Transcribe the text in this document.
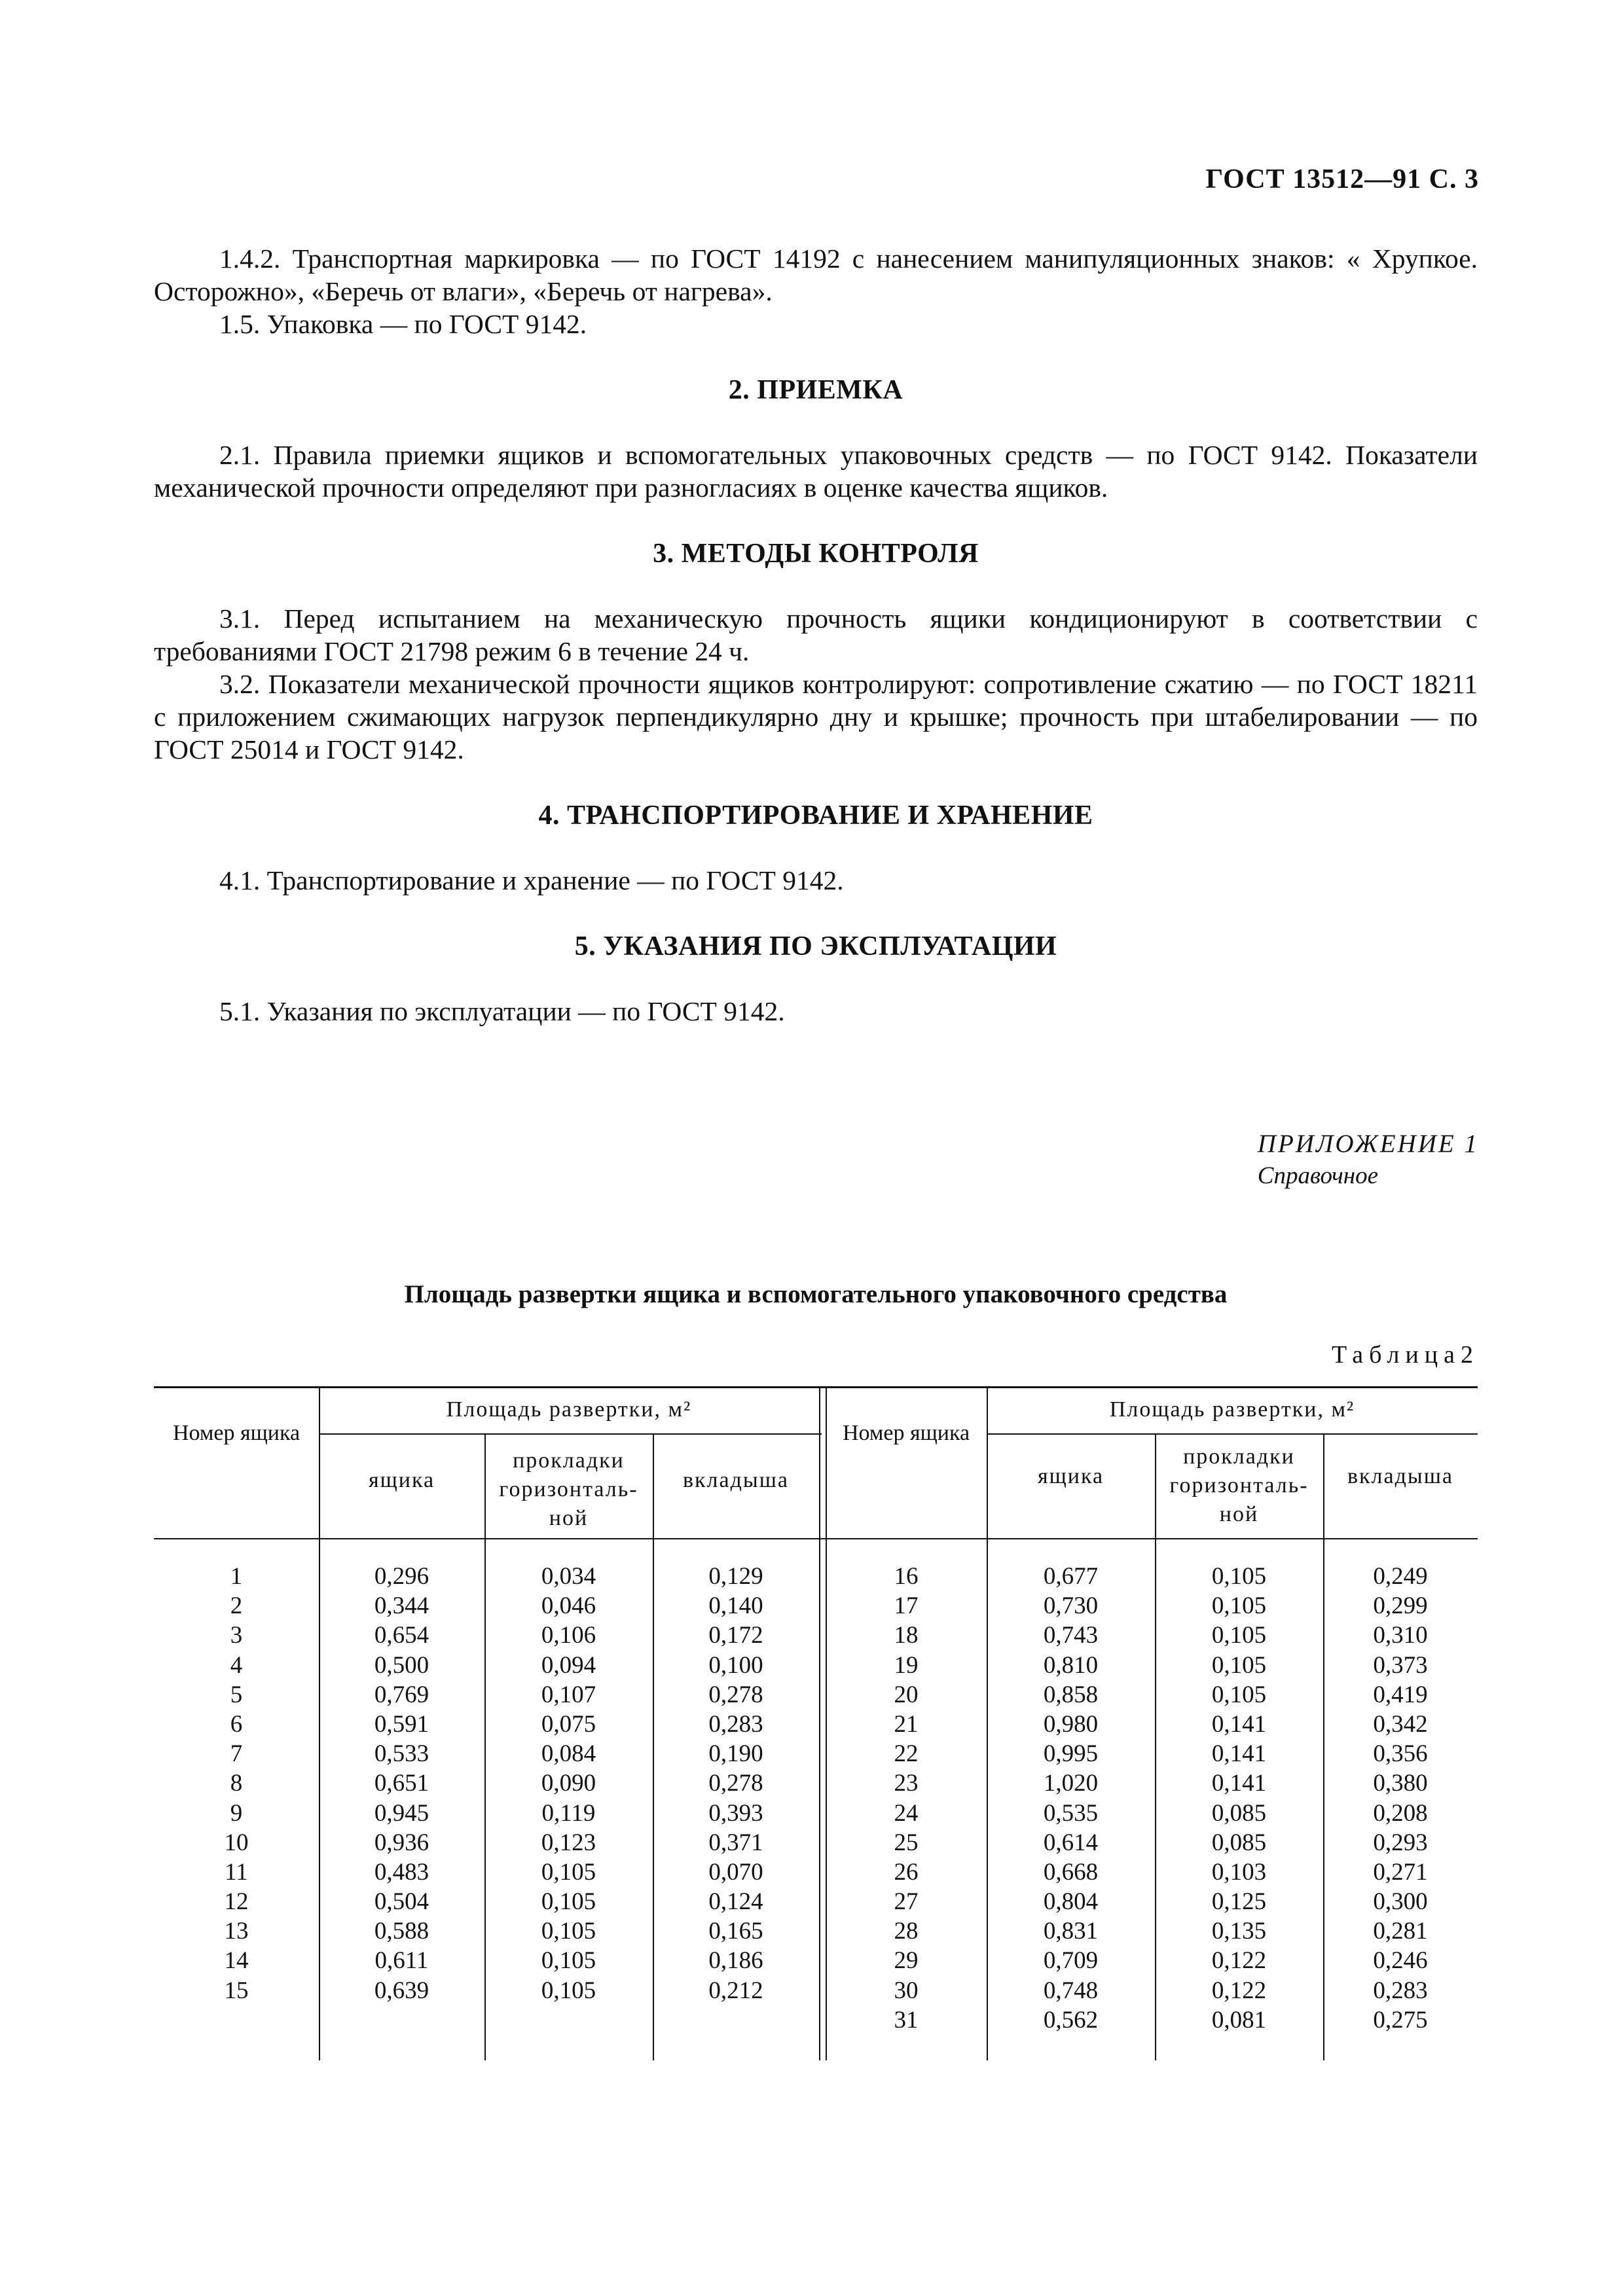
ГОСТ 13512—91 С. 3

1.4.2. Транспортная маркировка — по ГОСТ 14192 с нанесением манипуляционных знаков: « Хрупкое. Осторожно», «Беречь от влаги», «Беречь от нагрева».

1.5. Упаковка — по ГОСТ 9142.

2. ПРИЕМКА

2.1. Правила приемки ящиков и вспомогательных упаковочных средств — по ГОСТ 9142. Показатели механической прочности определяют при разногласиях в оценке качества ящиков.

3. МЕТОДЫ КОНТРОЛЯ

3.1. Перед испытанием на механическую прочность ящики кондиционируют в соответствии с требованиями ГОСТ 21798 режим 6 в течение 24 ч.

3.2. Показатели механической прочности ящиков контролируют: сопротивление сжатию — по ГОСТ 18211 с приложением сжимающих нагрузок перпендикулярно дну и крышке; прочность при штабелировании — по ГОСТ 25014 и ГОСТ 9142.

4. ТРАНСПОРТИРОВАНИЕ И ХРАНЕНИЕ

4.1. Транспортирование и хранение — по ГОСТ 9142.

5. УКАЗАНИЯ ПО ЭКСПЛУАТАЦИИ

5.1. Указания по эксплуатации — по ГОСТ 9142.

ПРИЛОЖЕНИЕ 1
Справочное
Площадь развертки ящика и вспомогательного упаковочного средства
Таблица2
Номер ящика
Площадь развертки, м²
ящика
прокладки горизонталь-ной
вкладыша
Номер ящика
Площадь развертки, м²
ящика
прокладки горизонталь-ной
вкладыша
1
2
3
4
5
6
7
8
9
10
11
12
13
14
15
0,296
0,344
0,654
0,500
0,769
0,591
0,533
0,651
0,945
0,936
0,483
0,504
0,588
0,611
0,639
0,034
0,046
0,106
0,094
0,107
0,075
0,084
0,090
0,119
0,123
0,105
0,105
0,105
0,105
0,105
0,129
0,140
0,172
0,100
0,278
0,283
0,190
0,278
0,393
0,371
0,070
0,124
0,165
0,186
0,212
16
17
18
19
20
21
22
23
24
25
26
27
28
29
30
31
0,677
0,730
0,743
0,810
0,858
0,980
0,995
1,020
0,535
0,614
0,668
0,804
0,831
0,709
0,748
0,562
0,105
0,105
0,105
0,105
0,105
0,141
0,141
0,141
0,085
0,085
0,103
0,125
0,135
0,122
0,122
0,081
0,249
0,299
0,310
0,373
0,419
0,342
0,356
0,380
0,208
0,293
0,271
0,300
0,281
0,246
0,283
0,275
